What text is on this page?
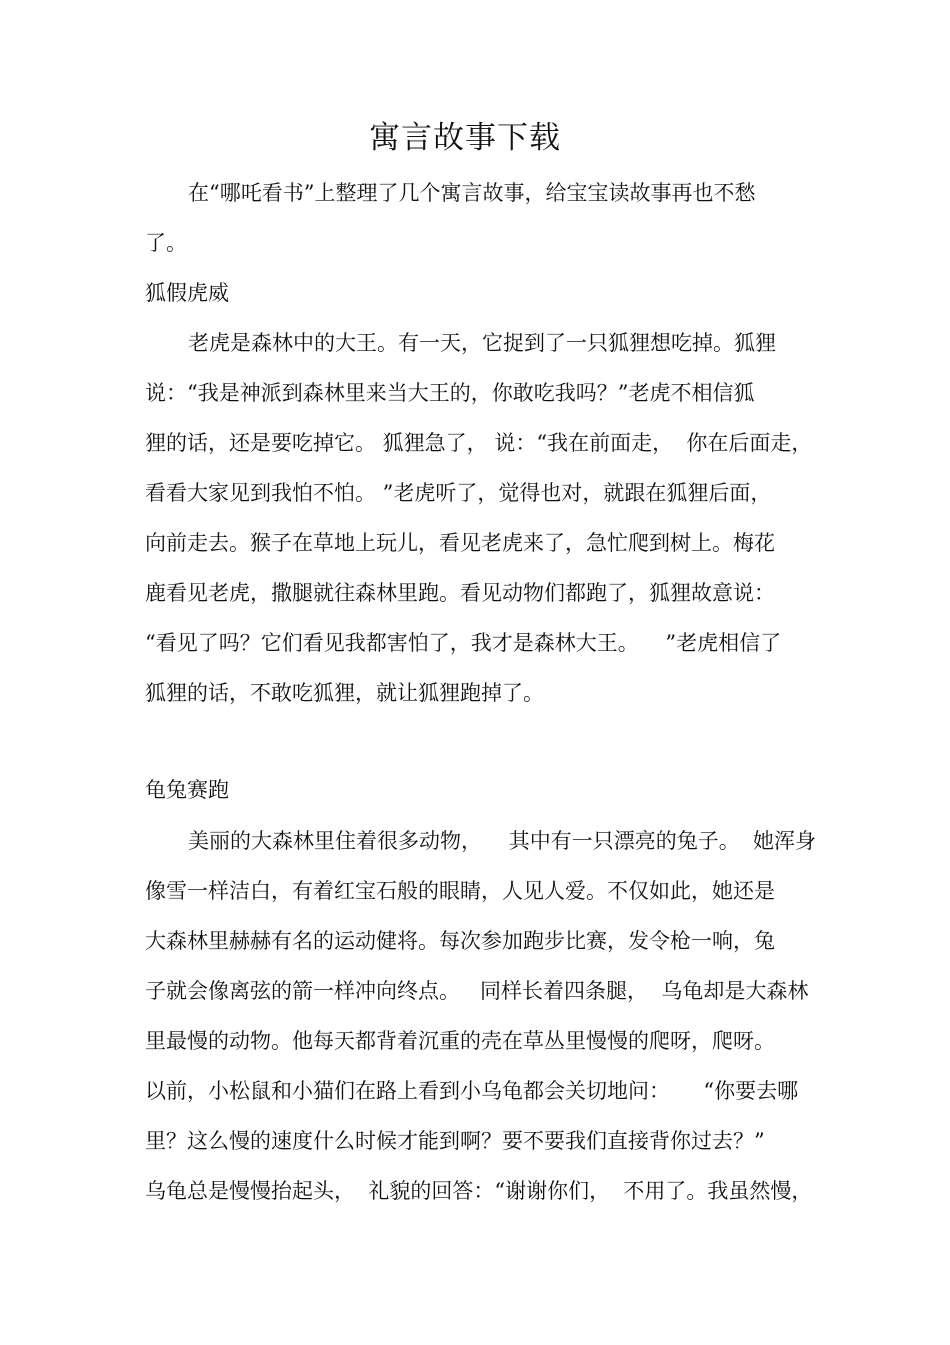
寓言故事下载
在“哪吒看书”上整理了几个寓言故事，给宝宝读故事再也不愁
了。
狐假虎威
老虎是森林中的大王。有一天，它捉到了一只狐狸想吃掉。狐狸
说：“我是神派到森林里来当大王的，你敢吃我吗？”老虎不相信狐
狸的话，还是要吃掉它。 狐狸急了， 说：“我在前面走，  你在后面走，
看看大家见到我怕不怕。 ”老虎听了，觉得也对，就跟在狐狸后面，
向前走去。猴子在草地上玩儿，看见老虎来了，急忙爬到树上。梅花
鹿看见老虎，撒腿就往森林里跑。看见动物们都跑了，狐狸故意说：
“看见了吗？它们看见我都害怕了，我才是森林大王。    ”老虎相信了
狐狸的话，不敢吃狐狸，就让狐狸跑掉了。
龟兔赛跑
美丽的大森林里住着很多动物，    其中有一只漂亮的兔子。  她浑身
像雪一样洁白，有着红宝石般的眼睛，人见人爱。不仅如此，她还是
大森林里赫赫有名的运动健将。每次参加跑步比赛，发令枪一响，兔
子就会像离弦的箭一样冲向终点。   同样长着四条腿，  乌龟却是大森林
里最慢的动物。他每天都背着沉重的壳在草丛里慢慢的爬呀，爬呀。
以前，小松鼠和小猫们在路上看到小乌龟都会关切地问：     “你要去哪
里？这么慢的速度什么时候才能到啊？要不要我们直接背你过去？”
乌龟总是慢慢抬起头，  礼貌的回答：“谢谢你们，  不用了。我虽然慢，
